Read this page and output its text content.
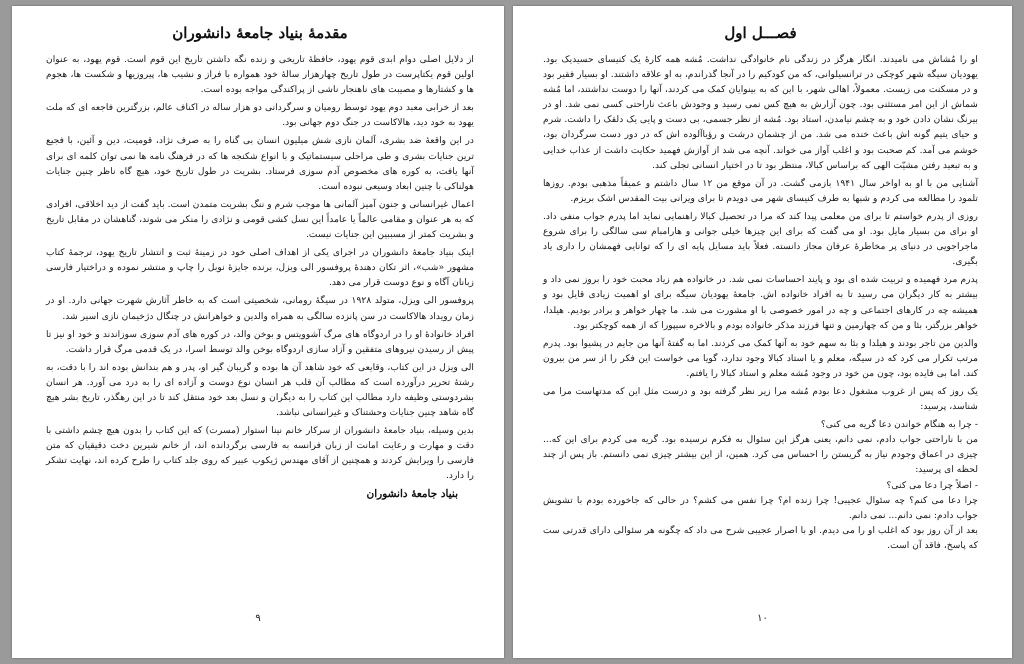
مقدمهٔ بنیاد جامعهٔ دانشوران

از دلایل اصلی دوام ابدی قوم یهود، حافظهٔ تاریخی و زنده نگه داشتن تاریخ این قوم است. قوم یهود، به عنوان اولین قوم یکتاپرست در طول تاریخ چهارهزار سالهٔ خود همواره با فراز و نشیب ها، پیروزیها و شکست ها، هجوم ها و کشتارها و مصیبت های ناهنجار ناشی از پراکندگی مواجه بوده است.

بعد از خرابی معبد دوم یهود توسط رومیان و سرگردانی دو هزار ساله در اکناف عالم، بزرگترین فاجعه ای که ملت یهود به خود دید، هالاکاست در جنگ دوم جهانی بود.

در این واقعهٔ ضد بشری، آلمان نازی شش میلیون انسان بی گناه را به صرف نژاد، قومیت، دین و آئین، با فجیع ترین جنایات بشری و طی مراحلی سیستماتیک و با انواع شکنجه ها که در فرهنگ نامه ها نمی توان کلمه ای برای آنها یافت، به کوره های مخصوص آدم سوزی فرستاد. بشریت در طول تاریخ خود، هیچ گاه ناظر چنین جنایات هولناکی با چنین ابعاد وسیعی نبوده است.

اعمال غیرانسانی و جنون آمیز آلمانی ها موجب شرم و ننگ بشریت متمدن است. باید گفت از دید اخلاقی، افرادی که به هر عنوان و مقامی عالماً یا عامداً این نسل کشی قومی و نژادی را منکر می شوند، گناهشان در مقابل تاریخ و بشریت کمتر از مسببین این جنایات نیست.

اینک بنیاد جامعهٔ دانشوران در اجرای یکی از اهداف اصلی خود در زمینهٔ ثبت و انتشار تاریخ یهود، ترجمهٔ کتاب مشهور «شب»، اثر تکان دهندهٔ پروفسور الی ویزل، برنده جایزهٔ نوبل را چاپ و منتشر نموده و دراختیار فارسی زبانان آگاه و نوع دوست قرار می دهد.

پروفسور الی ویزل، متولد ۱۹۲۸ در سیگهٔ رومانی، شخصیتی است که به خاطر آثارش شهرت جهانی دارد. او در زمان رویداد هالاکاست در سن پانزده سالگی به همراه والدین و خواهرانش در چنگال دژخیمان نازی اسیر شد.

افراد خانوادهٔ او را در اردوگاه های مرگ آشوویتس و بوخن والد، در کوره های آدم سوزی سوزاندند و خود او نیز تا پیش از رسیدن نیروهای متفقین و آزاد سازی اردوگاه بوخن والد توسط اسرا، در یک قدمی مرگ قرار داشت.

الی ویزل در این کتاب، وقایعی که خود شاهد آن ها بوده و گریبان گیر او، پدر و هم بندانش بوده اند را با دقت، به رشتهٔ تحریر درآورده است که مطالب آن قلب هر انسان نوع دوست و آزاده ای را به درد می آورد. هر انسان بشردوستی وظیفه دارد مطالب این کتاب را به دیگران و نسل بعد خود منتقل کند تا در این رهگذر، تاریخ بشر هیچ گاه شاهد چنین جنایات وحشتناک و غیرانسانی نباشد.

بدین وسیله، بنیاد جامعهٔ دانشوران از سرکار خانم نینا استوار (مسرت) که این کتاب را بدون هیچ چشم داشتی با دقت و مهارت و رعایت امانت از زبان فرانسه به فارسی برگردانده اند، از خانم شیرین دخت دقیقیان که متن فارسی را ویرایش کردند و همچنین از آقای مهندس ژیکوب عبیر که روی جلد کتاب را طرح کرده اند، نهایت تشکر را دارد.

بنیاد جامعهٔ دانشوران
۹
فصـــل اول

او را مُشاش می نامیدند. انگار هرگز در زندگی نام خانوادگی نداشت. مُشه همه کارهٔ یک کنیسای حسیدیک بود. یهودیان سیگه شهر کوچکی در ترانسیلوانی، که من کودکیم را در آنجا گذراندم، به او علاقه داشتند. او بسیار فقیر بود و در مسکنت می زیست. معمولاً، اهالی شهر، با این که به بینوایان کمک می کردند، آنها را دوست نداشتند، اما مُشه شماش از این امر مستثنی بود. چون آزارش به هیچ کس نمی رسید و وجودش باعث ناراحتی کسی نمی شد. او در بیرنگ نشان دادن خود و به چشم نیامدن، استاد بود. مُشه از نظر جسمی، بی دست و پایی یک دلقک را داشت. شرم و حیای یتیم گونه اش باعث خنده می شد. من از چشمان درشت و رؤیاآلوده اش که در دور دست سرگردان بود، خوشم می آمد. کم صحبت بود و اغلب آواز می خواند. آنچه می شد از آوازش فهمید حکایت داشت از عذاب خدایی و به تبعید رفتن مشیّت الهی که براساس کبالا، منتظر بود تا در اختیار انسانی تجلی کند.

آشنایی من با او به اواخر سال ۱۹۴۱ بازمی گشت. در آن موقع من ۱۲ سال داشتم و عمیقاً مذهبی بودم. روزها تلمود را مطالعه می کردم و شبها به طرف کنیسای شهر می دویدم تا برای ویرانی بیت المقدس اشک بریزم.

روزی از پدرم خواستم تا برای من معلمی پیدا کند که مرا در تحصیل کبالا راهنمایی نماید اما پدرم جواب منفی داد. او برای من بسیار مایل بود. او می گفت که برای این چیزها خیلی جوانی و هارامبام سی سالگی را برای شروع ماجراجویی در دنیای پر مخاطرهٔ عرفان مجاز دانسته. فعلاً باید مسایل پایه ای را که توانایی فهمشان را داری یاد بگیری.

پدرم مرد فهمیده و تربیت شده ای بود و پایند احساسات نمی شد. در خانواده هم زیاد محبت خود را بروز نمی داد و بیشتر به کار دیگران می رسید تا به افراد خانواده اش. جامعهٔ یهودیان سیگه برای او اهمیت زیادی قایل بود و همیشه چه در کارهای اجتماعی و چه در امور خصوصی با او مشورت می شد. ما چهار خواهر و برادر بودیم. هیلدا، خواهر بزرگتر، بئا و من که چهارمین و تنها فرزند مذکر خانواده بودم و بالاخره سیپورا که از همه کوچکتر بود.

والدین من تاجر بودند و هیلدا و بئا به سهم خود به آنها کمک می کردند. اما به گفتهٔ آنها من جایم در پشیوا بود. پدرم مرتب تکرار می کرد که در سیگه، معلم و یا استاد کبالا وجود ندارد، گویا می خواست این فکر را از سر من بیرون کند. اما بی فایده بود، چون من خود در وجود مُشه معلم و استاد کبالا را یافتم.

یک روز که پس از غروب مشغول دعا بودم مُشه مرا زیر نظر گرفته بود و درست مثل این که مدتهاست مرا می شناسد، پرسید:

- چرا به هنگام خواندن دعا گریه می کنی؟

من با ناراحتی جواب دادم، نمی دانم، یعنی هرگز این سئوال به فکرم نرسیده بود. گریه می کردم برای این که... چیزی در اعماق وجودم نیاز به گریستن را احساس می کرد. همین، از این بیشتر چیزی نمی دانستم. باز پس از چند لحظه ای پرسید:

- اصلاً چرا دعا می کنی؟

چرا دعا می کنم؟ چه سئوال عجیبی! چرا زنده ام؟ چرا نفس می کشم؟ در حالی که جاخورده بودم با تشویش جواب دادم: نمی دانم... نمی دانم.

بعد از آن روز بود که اغلب او را می دیدم. او با اصرار عجیبی شرح می داد که چگونه هر سئوالی دارای قدرتی ست که پاسخ، فاقد آن است.

۱۰
